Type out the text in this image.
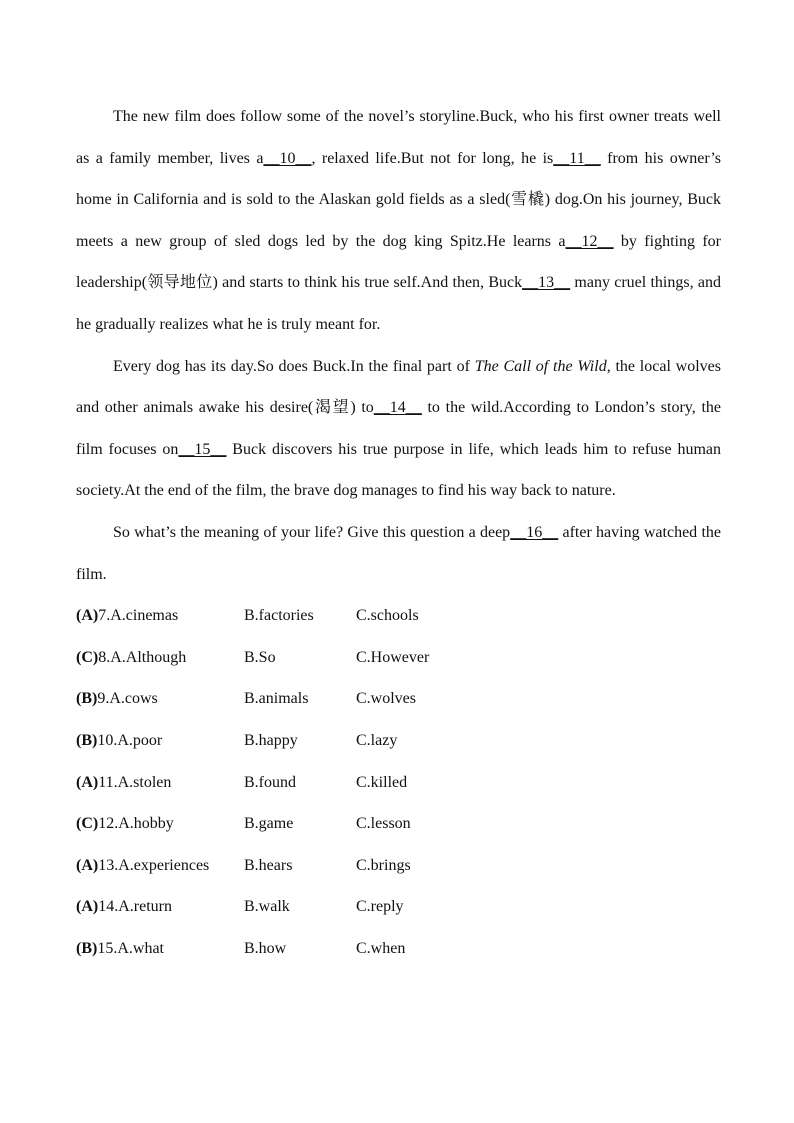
The new film does follow some of the novel’s storyline.Buck, who his first owner treats well as a family member, lives a__10__, relaxed life.But not for long, he is__11__ from his owner’s home in California and is sold to the Alaskan gold fields as a sled(雪橇) dog.On his journey, Buck meets a new group of sled dogs led by the dog king Spitz.He learns a__12__ by fighting for leadership(领导地位) and starts to think his true self.And then, Buck__13__ many cruel things, and he gradually realizes what he is truly meant for.

Every dog has its day.So does Buck.In the final part of The Call of the Wild, the local wolves and other animals awake his desire(渴望) to__14__ to the wild.According to London’s story, the film focuses on__15__ Buck discovers his true purpose in life, which leads him to refuse human society.At the end of the film, the brave dog manages to find his way back to nature.

So what’s the meaning of your life? Give this question a deep__16__ after having watched the film.

(A)7.A.cinemas	B.factories	C.schools
(C)8.A.Although	B.So	C.However
(B)9.A.cows	B.animals	C.wolves
(B)10.A.poor	B.happy	C.lazy
(A)11.A.stolen	B.found	C.killed
(C)12.A.hobby	B.game	C.lesson
(A)13.A.experiences	B.hears	C.brings
(A)14.A.return	B.walk	C.reply
(B)15.A.what	B.how	C.when
